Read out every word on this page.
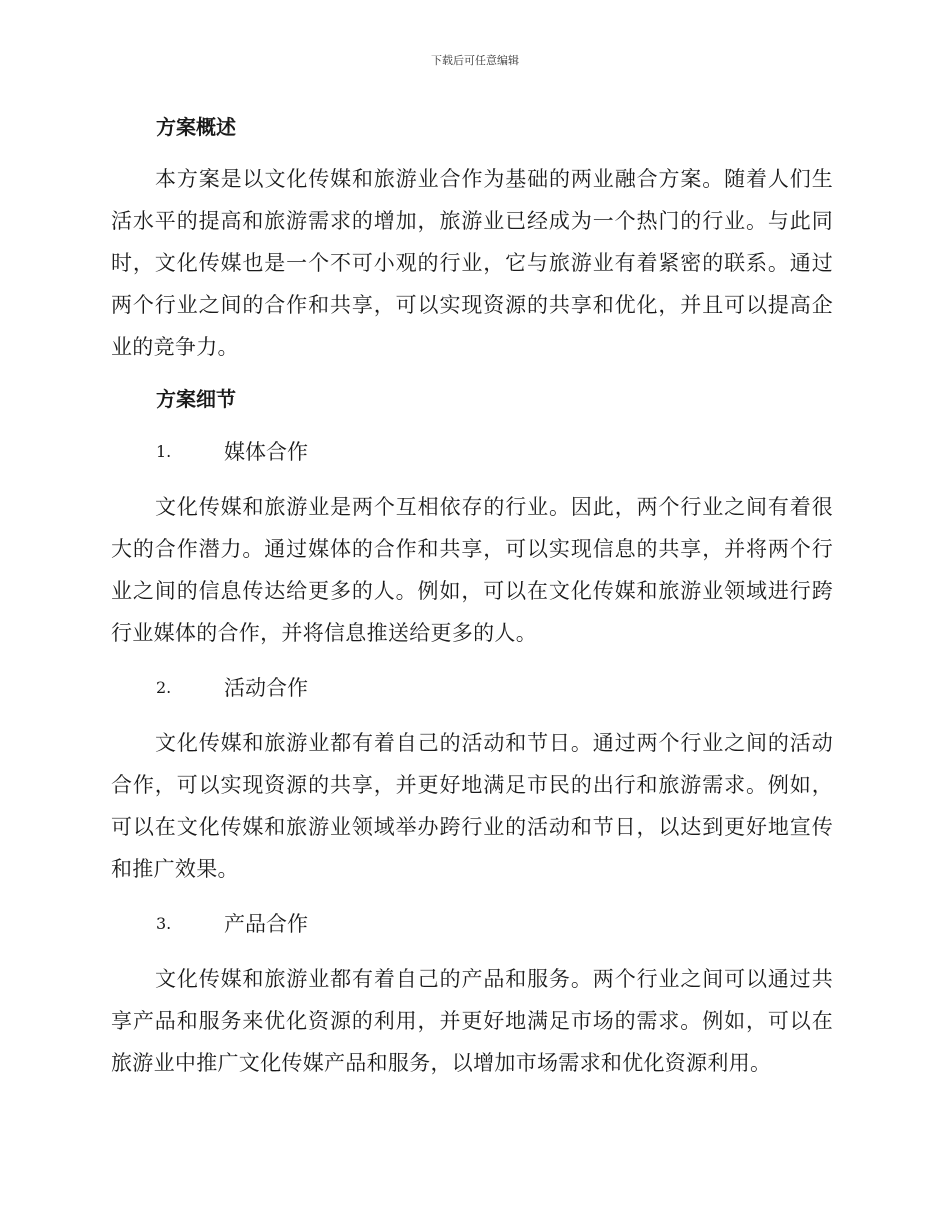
下载后可任意编辑
方案概述

本方案是以文化传媒和旅游业合作为基础的两业融合方案。随着人们生活水平的提高和旅游需求的增加，旅游业已经成为一个热门的行业。与此同时，文化传媒也是一个不可小观的行业，它与旅游业有着紧密的联系。通过两个行业之间的合作和共享，可以实现资源的共享和优化，并且可以提高企业的竞争力。

方案细节
1.	媒体合作

文化传媒和旅游业是两个互相依存的行业。因此，两个行业之间有着很大的合作潜力。通过媒体的合作和共享，可以实现信息的共享，并将两个行业之间的信息传达给更多的人。例如，可以在文化传媒和旅游业领域进行跨行业媒体的合作，并将信息推送给更多的人。

2.	活动合作

文化传媒和旅游业都有着自己的活动和节日。通过两个行业之间的活动合作，可以实现资源的共享，并更好地满足市民的出行和旅游需求。例如，可以在文化传媒和旅游业领域举办跨行业的活动和节日，以达到更好地宣传和推广效果。

3.	产品合作

文化传媒和旅游业都有着自己的产品和服务。两个行业之间可以通过共享产品和服务来优化资源的利用，并更好地满足市场的需求。例如，可以在旅游业中推广文化传媒产品和服务，以增加市场需求和优化资源利用。
